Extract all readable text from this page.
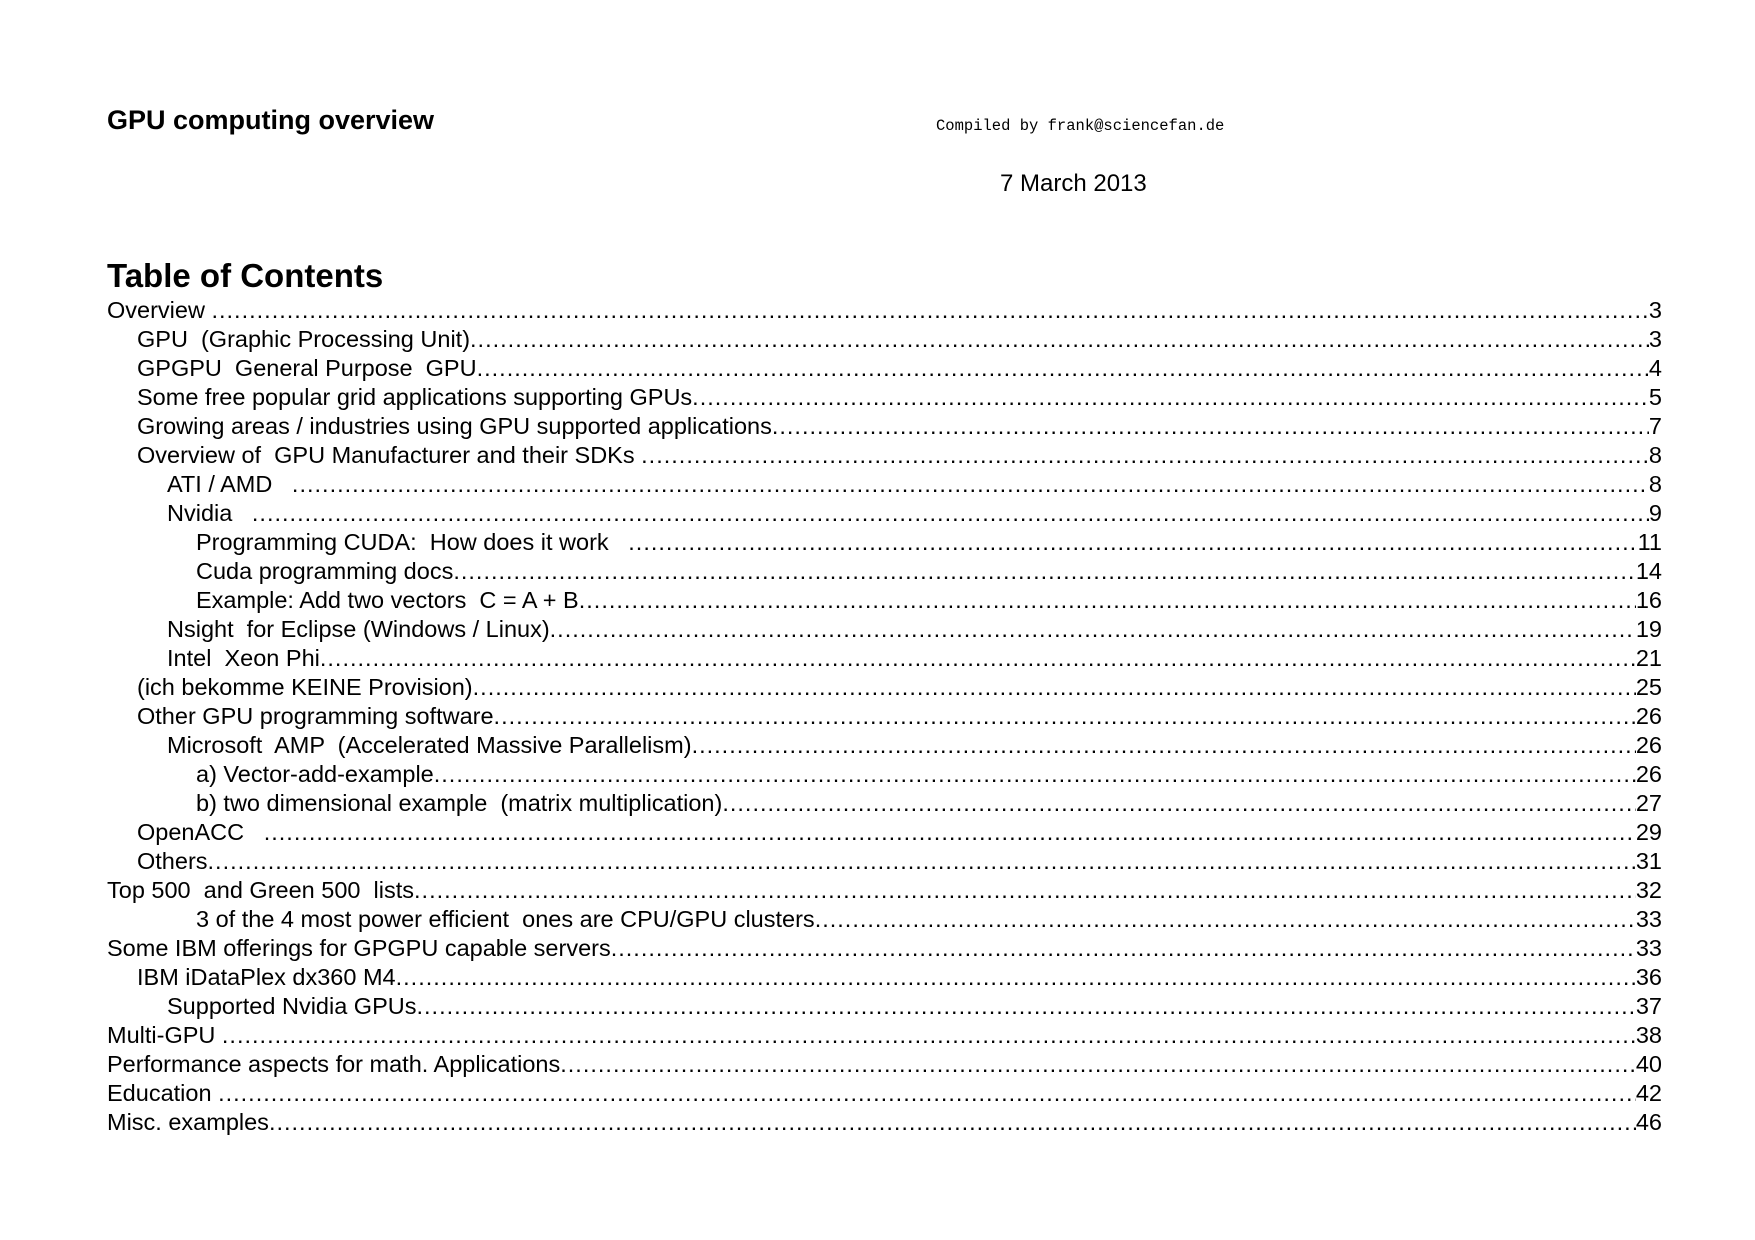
GPU computing overview	Compiled by frank@sciencefan.de

7 March 2013

Table of Contents
Overview .....	3
GPU  (Graphic Processing Unit) .....	3
GPGPU  General Purpose  GPU .....	4
Some free popular grid applications supporting GPUs .....	5
Growing areas / industries using GPU supported applications .....	7
Overview of  GPU Manufacturer and their SDKs .....	8
ATI / AMD .....	8
Nvidia .....	9
Programming CUDA:  How does it work .....	11
Cuda programming docs .....	14
Example: Add two vectors  C = A + B .....	16
Nsight  for Eclipse (Windows / Linux) .....	19
Intel  Xeon Phi .....	21
(ich bekomme KEINE Provision) .....	25
Other GPU programming software .....	26
Microsoft  AMP  (Accelerated Massive Parallelism) .....	26
a) Vector-add-example .....	26
b) two dimensional example  (matrix multiplication) .....	27
OpenACC .....	29
Others .....	31
Top 500  and Green 500  lists .....	32
3 of the 4 most power efficient  ones are CPU/GPU clusters .....	33
Some IBM offerings for GPGPU capable servers .....	33
IBM iDataPlex dx360 M4 .....	36
Supported Nvidia GPUs .....	37
Multi-GPU .....	38
Performance aspects for math. Applications .....	40
Education .....	42
Misc. examples .....	46
